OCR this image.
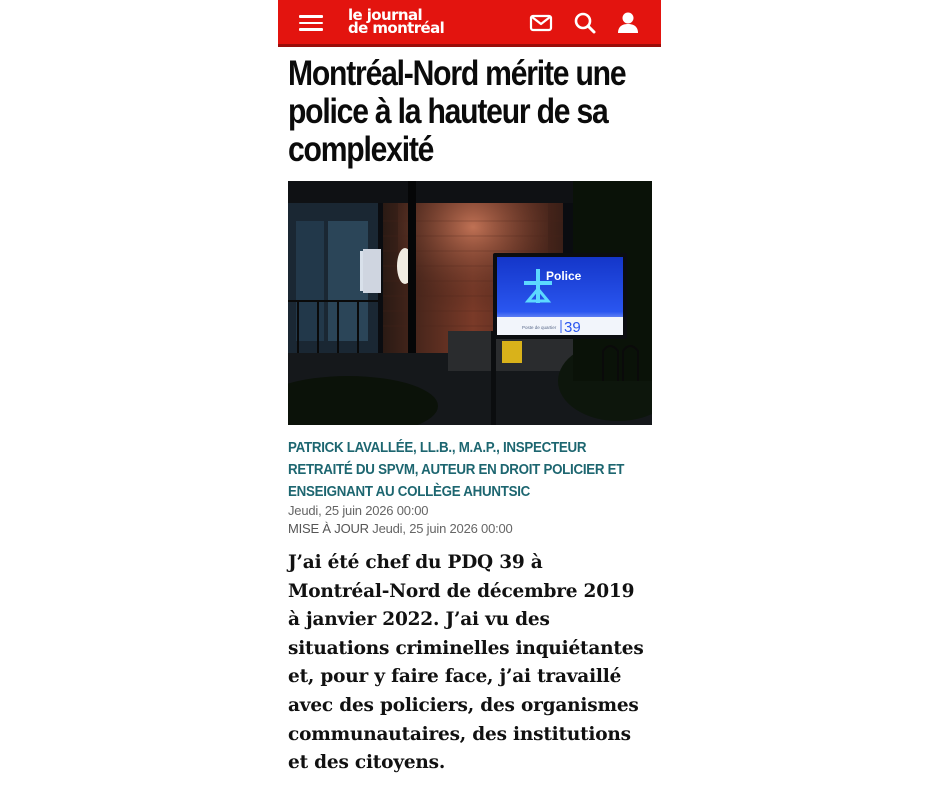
le journal
de montréal
Montréal-Nord mérite une police à la hauteur de sa complexité
Police
Poste de quartier 39
PATRICK LAVALLÉE, LL.B., M.A.P., INSPECTEUR RETRAITÉ DU SPVM, AUTEUR EN DROIT POLICIER ET ENSEIGNANT AU COLLÈGE AHUNTSIC
Jeudi, 25 juin 2026 00:00
MISE À JOUR Jeudi, 25 juin 2026 00:00

J’ai été chef du PDQ 39 à Montréal-Nord de décembre 2019 à janvier 2022. J’ai vu des situations criminelles inquiétantes et, pour y faire face, j’ai travaillé avec des policiers, des organismes communautaires, des institutions et des citoyens.
